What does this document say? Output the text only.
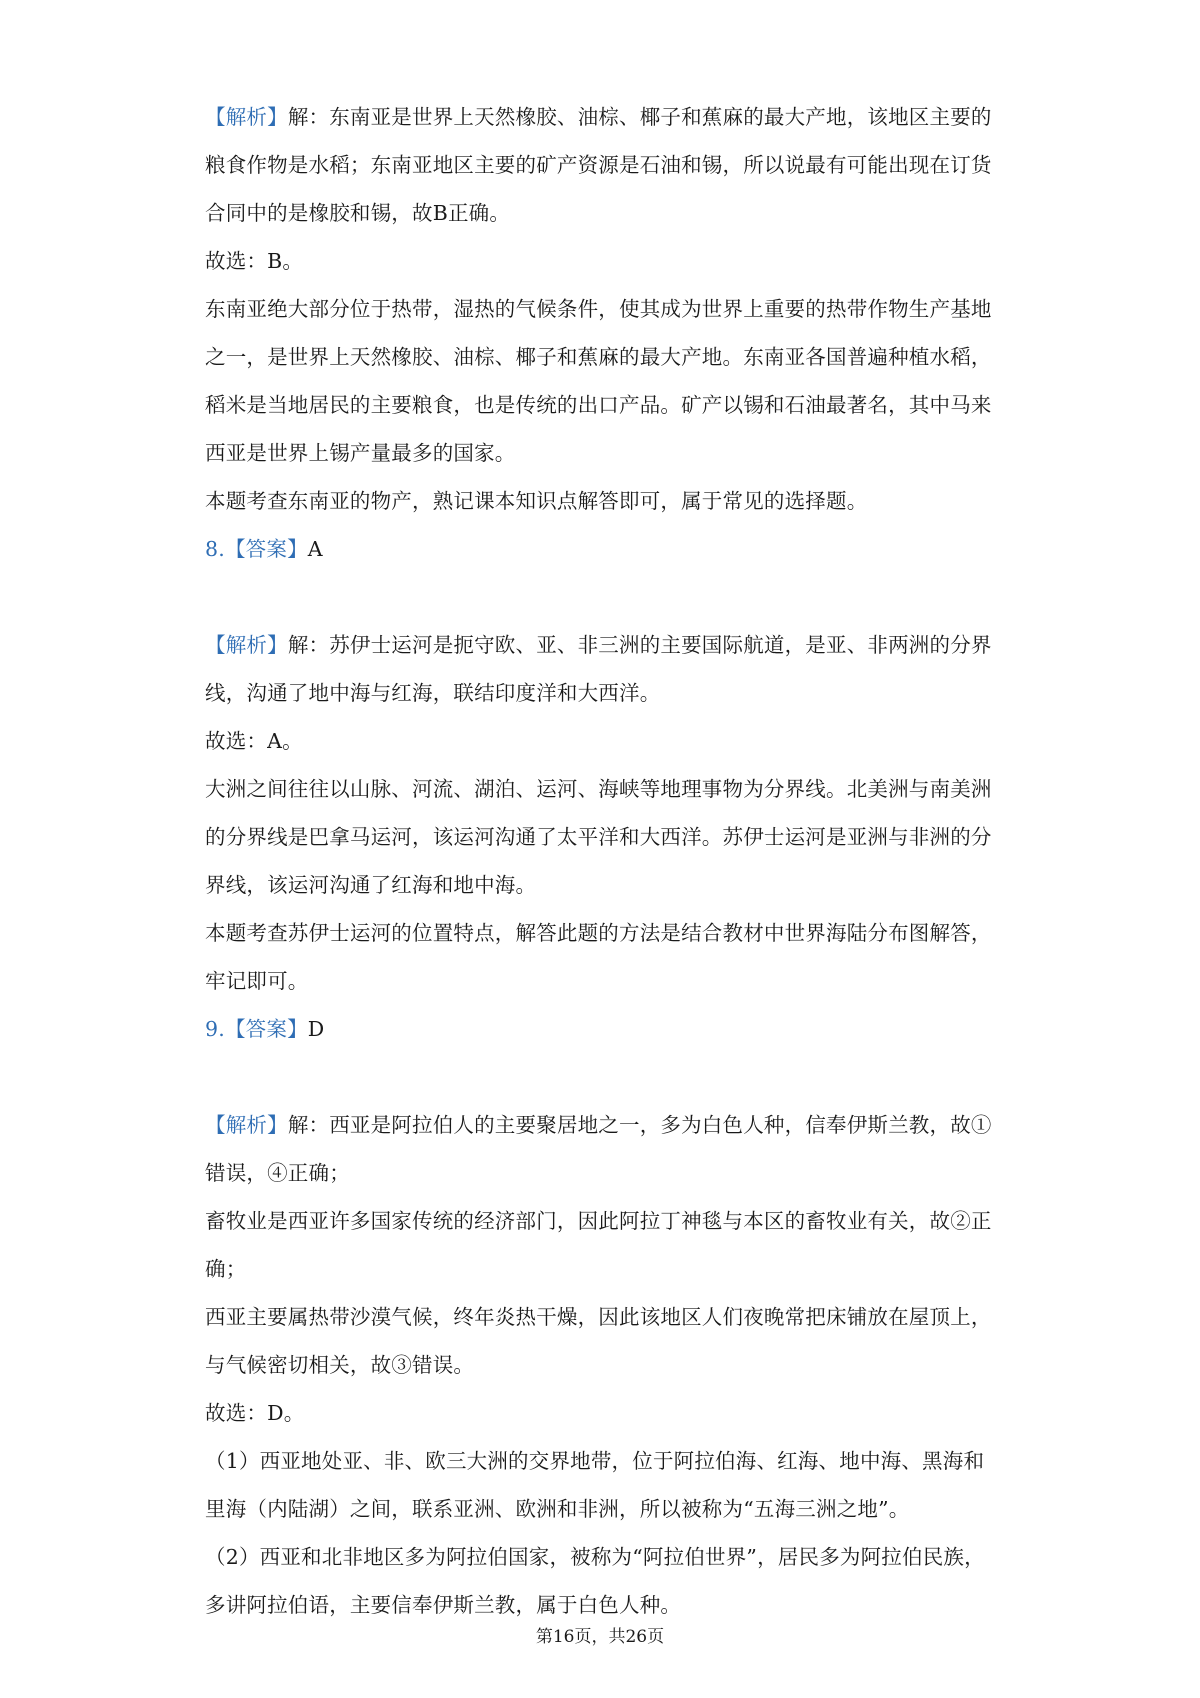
【解析】解：东南亚是世界上天然橡胶、油棕、椰子和蕉麻的最大产地，该地区主要的
粮食作物是水稻；东南亚地区主要的矿产资源是石油和锡，所以说最有可能出现在订货
合同中的是橡胶和锡，故B正确。
故选：B。
东南亚绝大部分位于热带，湿热的气候条件，使其成为世界上重要的热带作物生产基地
之一，是世界上天然橡胶、油棕、椰子和蕉麻的最大产地。东南亚各国普遍种植水稻，
稻米是当地居民的主要粮食，也是传统的出口产品。矿产以锡和石油最著名，其中马来
西亚是世界上锡产量最多的国家。
本题考查东南亚的物产，熟记课本知识点解答即可，属于常见的选择题。
8.【答案】A
【解析】解：苏伊士运河是扼守欧、亚、非三洲的主要国际航道，是亚、非两洲的分界
线，沟通了地中海与红海，联结印度洋和大西洋。
故选：A。
大洲之间往往以山脉、河流、湖泊、运河、海峡等地理事物为分界线。北美洲与南美洲
的分界线是巴拿马运河，该运河沟通了太平洋和大西洋。苏伊士运河是亚洲与非洲的分
界线，该运河沟通了红海和地中海。
本题考查苏伊士运河的位置特点，解答此题的方法是结合教材中世界海陆分布图解答，
牢记即可。
9.【答案】D
【解析】解：西亚是阿拉伯人的主要聚居地之一，多为白色人种，信奉伊斯兰教，故①
错误，④正确；
畜牧业是西亚许多国家传统的经济部门，因此阿拉丁神毯与本区的畜牧业有关，故②正
确；
西亚主要属热带沙漠气候，终年炎热干燥，因此该地区人们夜晚常把床铺放在屋顶上，
与气候密切相关，故③错误。
故选：D。
（1）西亚地处亚、非、欧三大洲的交界地带，位于阿拉伯海、红海、地中海、黑海和
里海（内陆湖）之间，联系亚洲、欧洲和非洲，所以被称为“五海三洲之地”。
（2）西亚和北非地区多为阿拉伯国家，被称为“阿拉伯世界”，居民多为阿拉伯民族，
多讲阿拉伯语，主要信奉伊斯兰教，属于白色人种。
第16页，共26页
